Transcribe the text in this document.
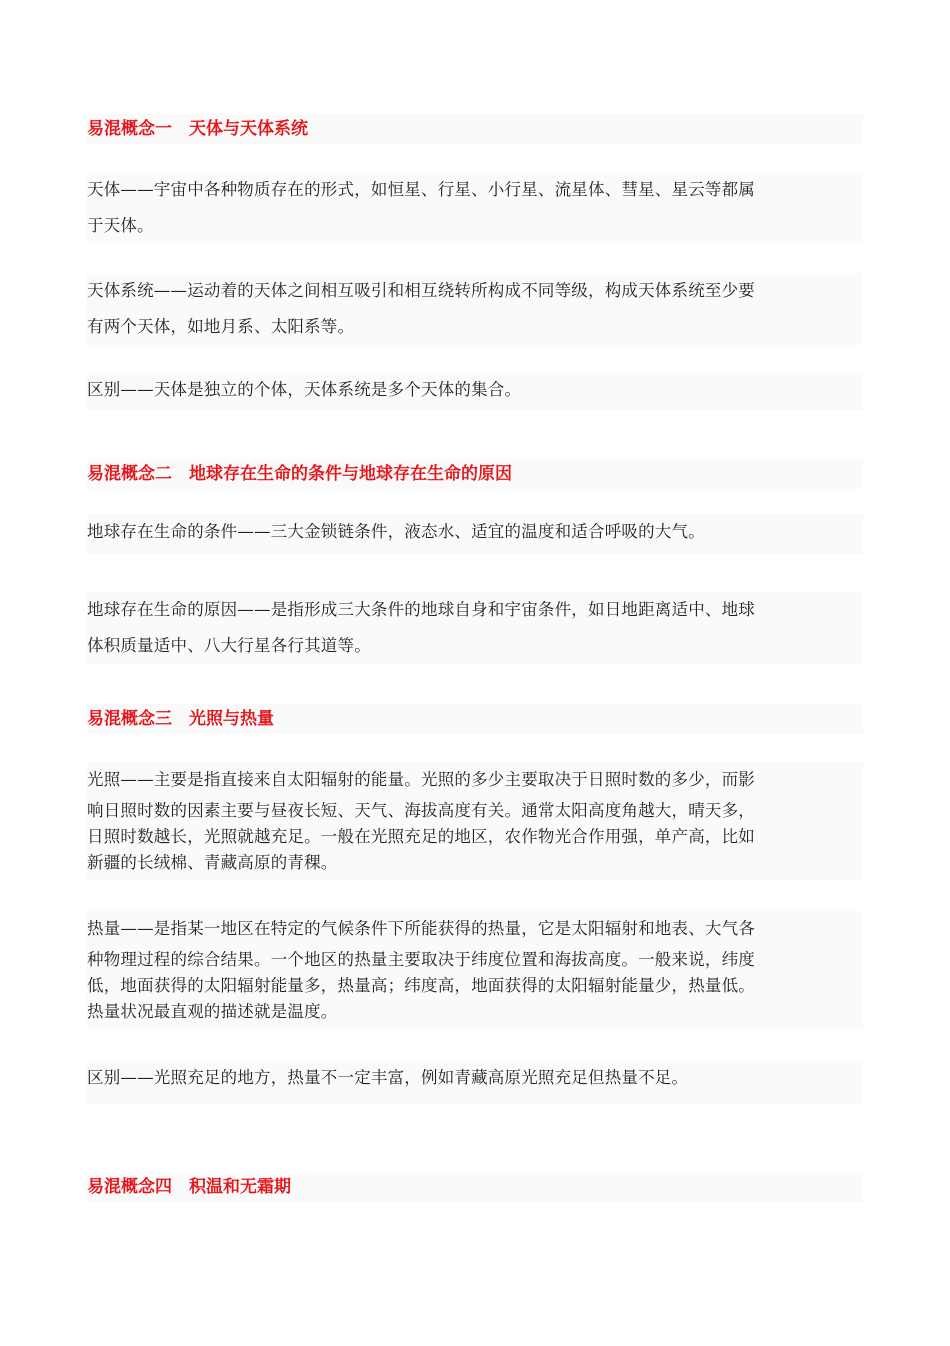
易混概念一　天体与天体系统
天体——宇宙中各种物质存在的形式，如恒星、行星、小行星、流星体、彗星、星云等都属
于天体。
天体系统——运动着的天体之间相互吸引和相互绕转所构成不同等级，构成天体系统至少要
有两个天体，如地月系、太阳系等。
区别——天体是独立的个体，天体系统是多个天体的集合。
易混概念二　地球存在生命的条件与地球存在生命的原因
地球存在生命的条件——三大金锁链条件，液态水、适宜的温度和适合呼吸的大气。
地球存在生命的原因——是指形成三大条件的地球自身和宇宙条件，如日地距离适中、地球
体积质量适中、八大行星各行其道等。
易混概念三　光照与热量
光照——主要是指直接来自太阳辐射的能量。光照的多少主要取决于日照时数的多少，而影
响日照时数的因素主要与昼夜长短、天气、海拔高度有关。通常太阳高度角越大，晴天多，
日照时数越长，光照就越充足。一般在光照充足的地区，农作物光合作用强，单产高，比如
新疆的长绒棉、青藏高原的青稞。
热量——是指某一地区在特定的气候条件下所能获得的热量，它是太阳辐射和地表、大气各
种物理过程的综合结果。一个地区的热量主要取决于纬度位置和海拔高度。一般来说，纬度
低，地面获得的太阳辐射能量多，热量高；纬度高，地面获得的太阳辐射能量少，热量低。
热量状况最直观的描述就是温度。
区别——光照充足的地方，热量不一定丰富，例如青藏高原光照充足但热量不足。
易混概念四　积温和无霜期
